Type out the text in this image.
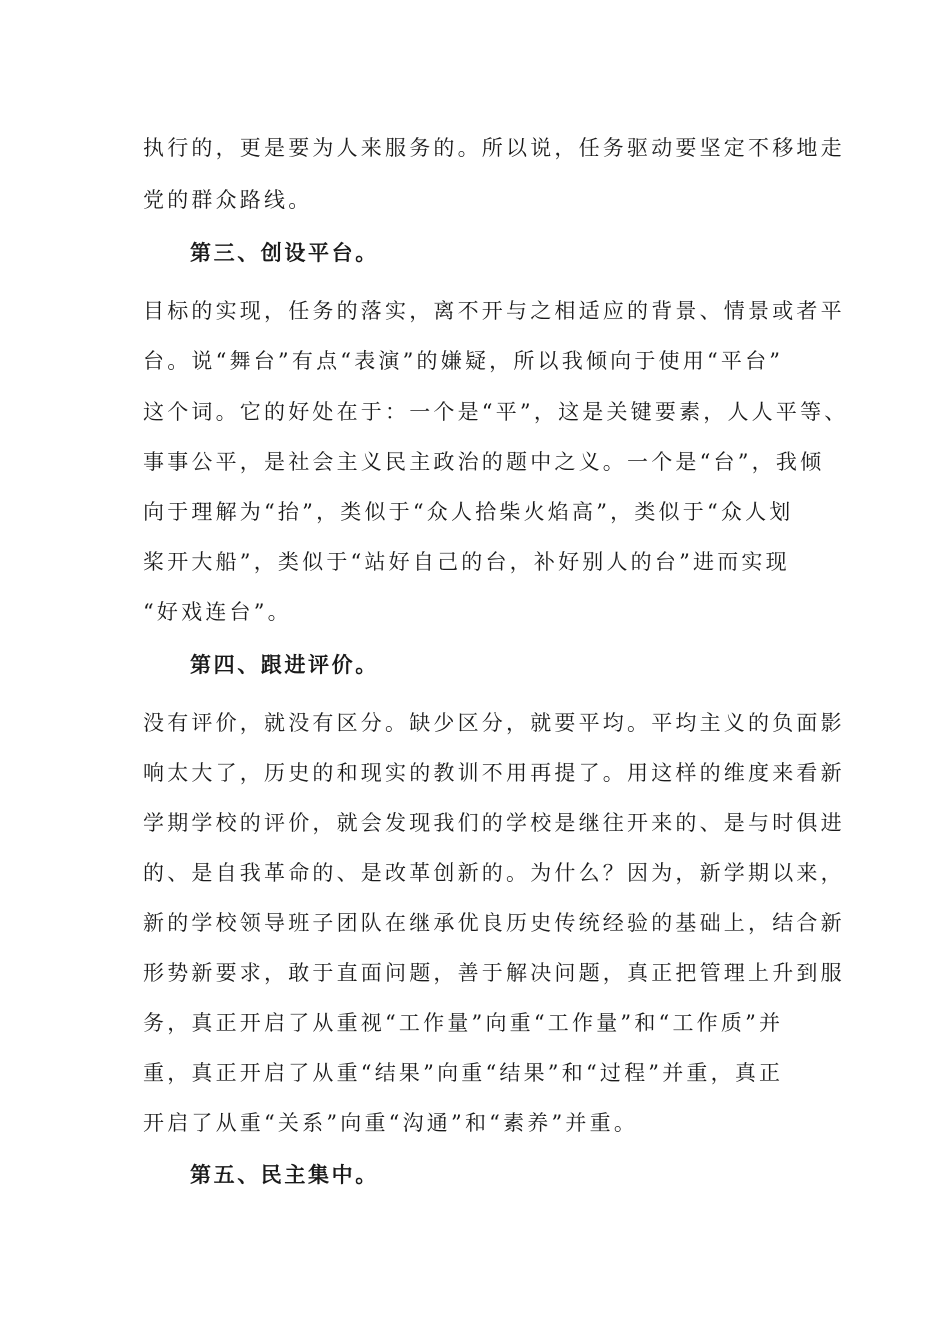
执行的，更是要为人来服务的。所以说，任务驱动要坚定不移地走
党的群众路线。
第三、创设平台。
目标的实现，任务的落实，离不开与之相适应的背景、情景或者平
台。说“舞台”有点“表演”的嫌疑，所以我倾向于使用“平台”
这个词。它的好处在于：一个是“平”，这是关键要素，人人平等、
事事公平，是社会主义民主政治的题中之义。一个是“台”，我倾
向于理解为“抬”，类似于“众人拾柴火焰高”，类似于“众人划
桨开大船”，类似于“站好自己的台，补好别人的台”进而实现
“好戏连台”。
第四、跟进评价。
没有评价，就没有区分。缺少区分，就要平均。平均主义的负面影
响太大了，历史的和现实的教训不用再提了。用这样的维度来看新
学期学校的评价，就会发现我们的学校是继往开来的、是与时俱进
的、是自我革命的、是改革创新的。为什么？因为，新学期以来，
新的学校领导班子团队在继承优良历史传统经验的基础上，结合新
形势新要求，敢于直面问题，善于解决问题，真正把管理上升到服
务，真正开启了从重视“工作量”向重“工作量”和“工作质”并
重，真正开启了从重“结果”向重“结果”和“过程”并重，真正
开启了从重“关系”向重“沟通”和“素养”并重。
第五、民主集中。
